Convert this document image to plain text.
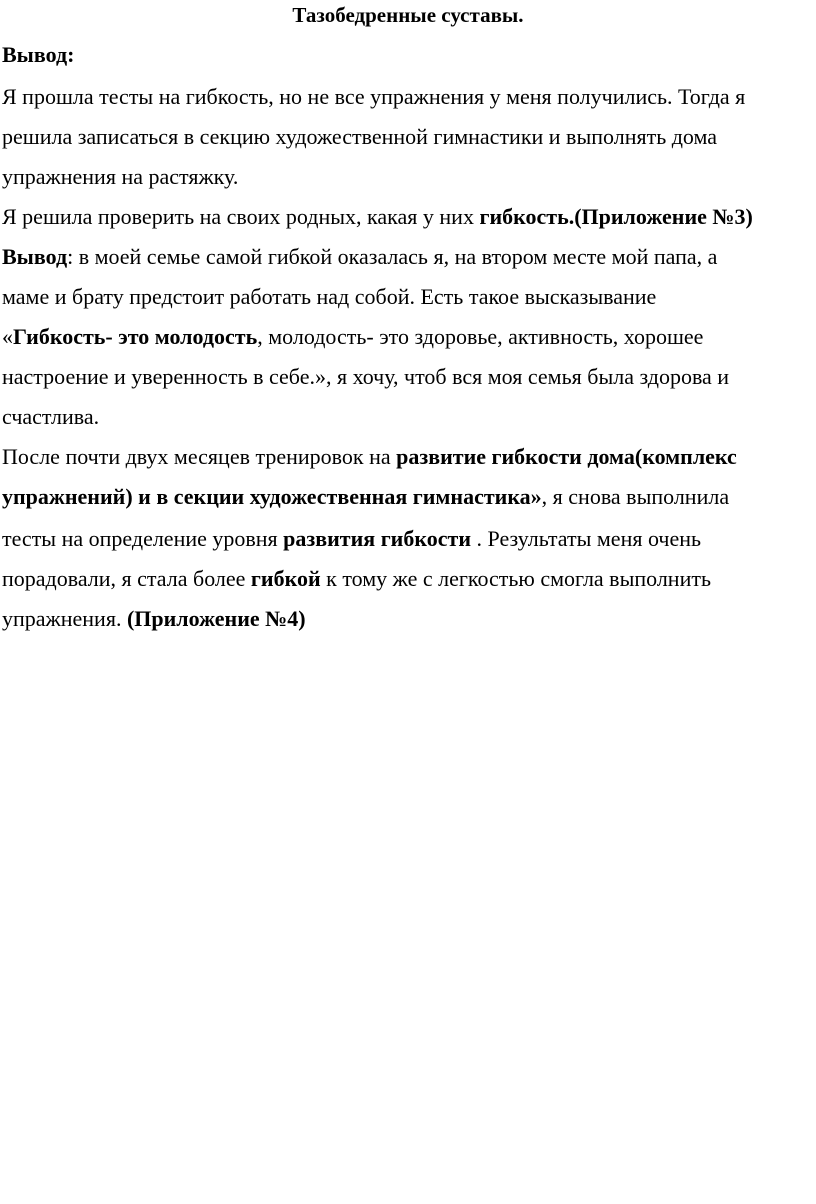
Тазобедренные суставы.
Вывод:
Я прошла тесты на гибкость, но не все упражнения у меня получились. Тогда я
решила записаться в секцию художественной гимнастики и выполнять дома
упражнения на растяжку.
Я решила проверить на своих родных, какая у них гибкость.(Приложение №3)
Вывод: в моей семье самой гибкой оказалась я, на втором месте мой папа, а
маме и брату предстоит работать над собой. Есть такое высказывание
«Гибкость- это молодость, молодость- это здоровье, активность, хорошее
настроение и уверенность в себе.», я хочу, чтоб вся моя семья была здорова и
счастлива.
После почти двух месяцев тренировок на развитие гибкости дома(комплекс
упражнений) и в секции художественная гимнастика», я снова выполнила
тесты на определение уровня развития гибкости . Результаты меня очень
порадовали, я стала более гибкой к тому же с легкостью смогла выполнить
упражнения. (Приложение №4)
